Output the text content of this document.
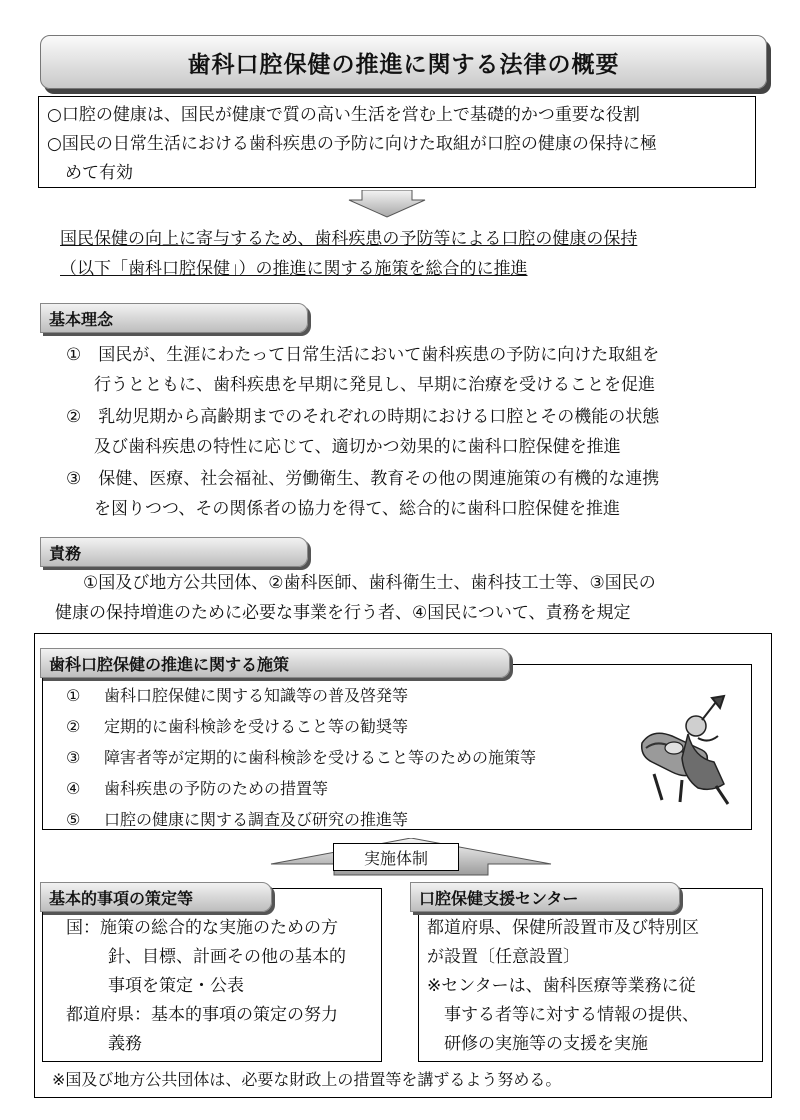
歯科口腔保健の推進に関する法律の概要
○口腔の健康は、国民が健康で質の高い生活を営む上で基礎的かつ重要な役割
○国民の日常生活における歯科疾患の予防に向けた取組が口腔の健康の保持に極
めて有効
国民保健の向上に寄与するため、歯科疾患の予防等による口腔の健康の保持
（以下「歯科口腔保健」）の推進に関する施策を総合的に推進
基本理念
①　 国民が、生涯にわたって日常生活において歯科疾患の予防に向けた取組を
行うとともに、歯科疾患を早期に発見し、早期に治療を受けることを促進
②　 乳幼児期から高齢期までのそれぞれの時期における口腔とその機能の状態
及び歯科疾患の特性に応じて、適切かつ効果的に歯科口腔保健を推進
③　 保健、医療、社会福祉、労働衛生、教育その他の関連施策の有機的な連携
を図りつつ、その関係者の協力を得て、総合的に歯科口腔保健を推進
責務
①国及び地方公共団体、②歯科医師、歯科衛生士、歯科技工士等、③国民の
健康の保持増進のために必要な事業を行う者、④国民について、責務を規定
歯科口腔保健の推進に関する施策
① 歯科口腔保健に関する知識等の普及啓発等
② 定期的に歯科検診を受けること等の勧奨等
③ 障害者等が定期的に歯科検診を受けること等のための施策等
④ 歯科疾患の予防のための措置等
⑤ 口腔の健康に関する調査及び研究の推進等
実施体制
基本的事項の策定等
国：施策の総合的な実施のための方
針、目標、計画その他の基本的
事項を策定・公表
都道府県：基本的事項の策定の努力
義務
口腔保健支援センター
都道府県、保健所設置市及び特別区
が設置〔任意設置〕
※センターは、歯科医療等業務に従
事する者等に対する情報の提供、
研修の実施等の支援を実施
※国及び地方公共団体は、必要な財政上の措置等を講ずるよう努める。
